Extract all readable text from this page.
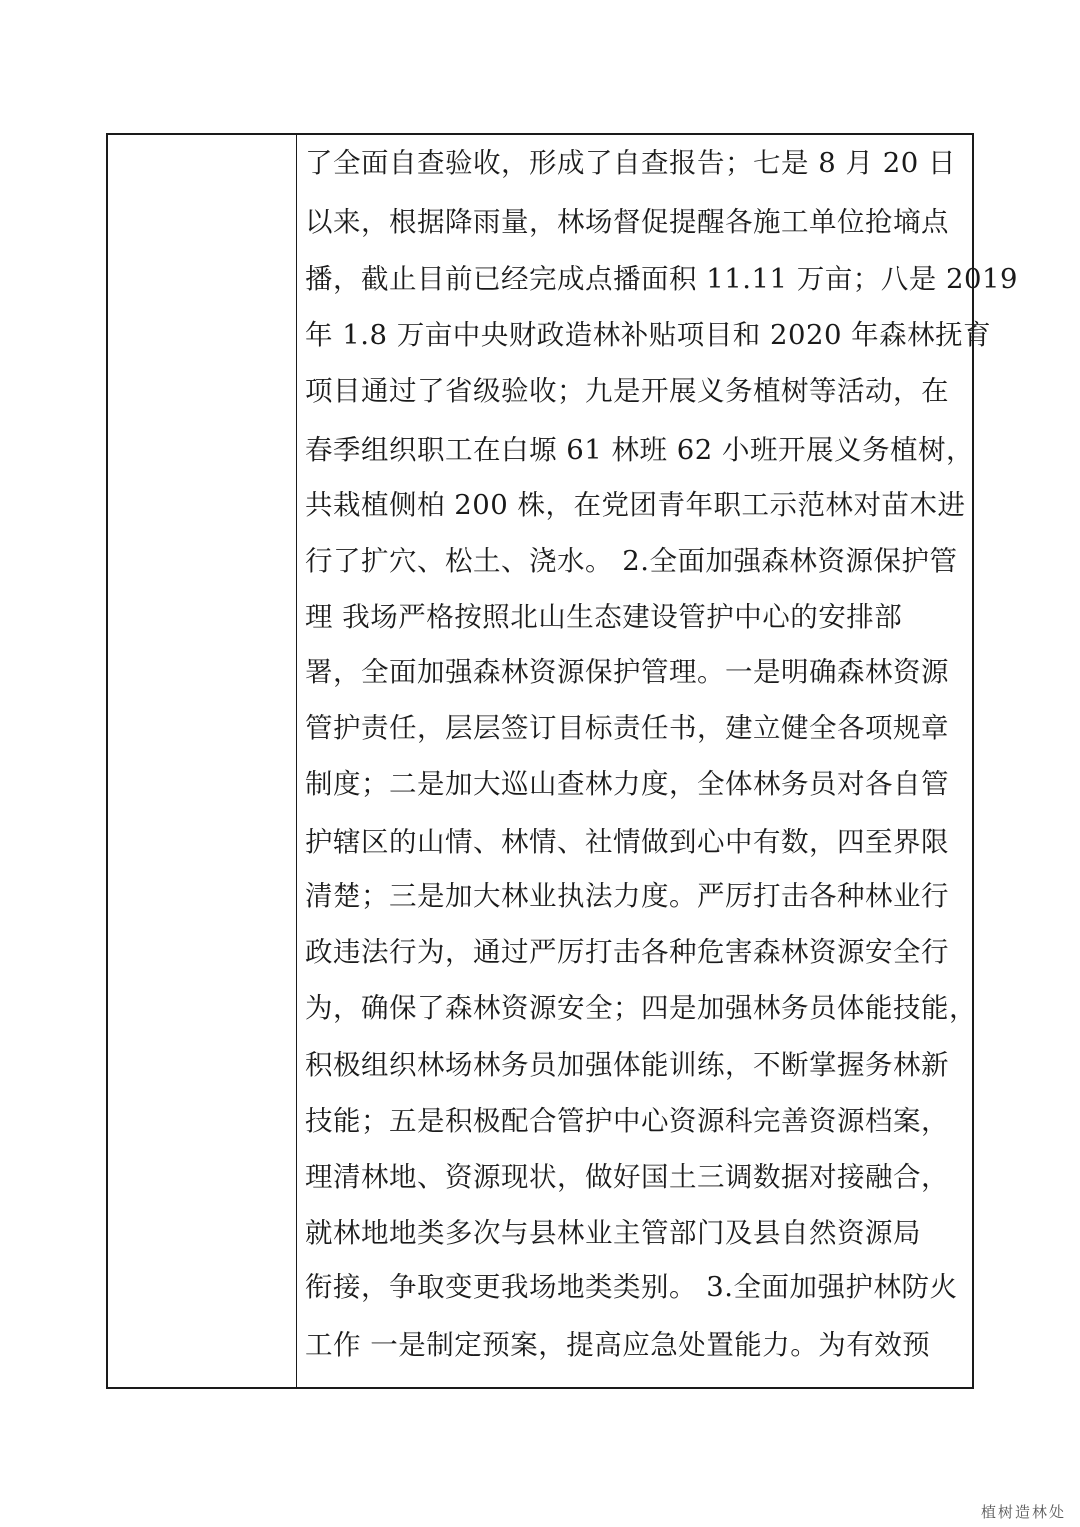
了全面自查验收，形成了自查报告；七是 8 月 20 日
以来，根据降雨量，林场督促提醒各施工单位抢墒点
播，截止目前已经完成点播面积 11.11 万亩；八是 2019
年 1.8 万亩中央财政造林补贴项目和 2020 年森林抚育
项目通过了省级验收；九是开展义务植树等活动，在
春季组织职工在白塬 61 林班 62 小班开展义务植树，
共栽植侧柏 200 株，在党团青年职工示范林对苗木进
行了扩穴、松土、浇水。 2.全面加强森林资源保护管
理 我场严格按照北山生态建设管护中心的安排部
署，全面加强森林资源保护管理。一是明确森林资源
管护责任，层层签订目标责任书，建立健全各项规章
制度；二是加大巡山查林力度，全体林务员对各自管
护辖区的山情、林情、社情做到心中有数，四至界限
清楚；三是加大林业执法力度。严厉打击各种林业行
政违法行为，通过严厉打击各种危害森林资源安全行
为，确保了森林资源安全；四是加强林务员体能技能，
积极组织林场林务员加强体能训练，不断掌握务林新
技能；五是积极配合管护中心资源科完善资源档案，
理清林地、资源现状，做好国土三调数据对接融合，
就林地地类多次与县林业主管部门及县自然资源局
衔接，争取变更我场地类类别。 3.全面加强护林防火
工作 一是制定预案，提高应急处置能力。为有效预
植树造林处
